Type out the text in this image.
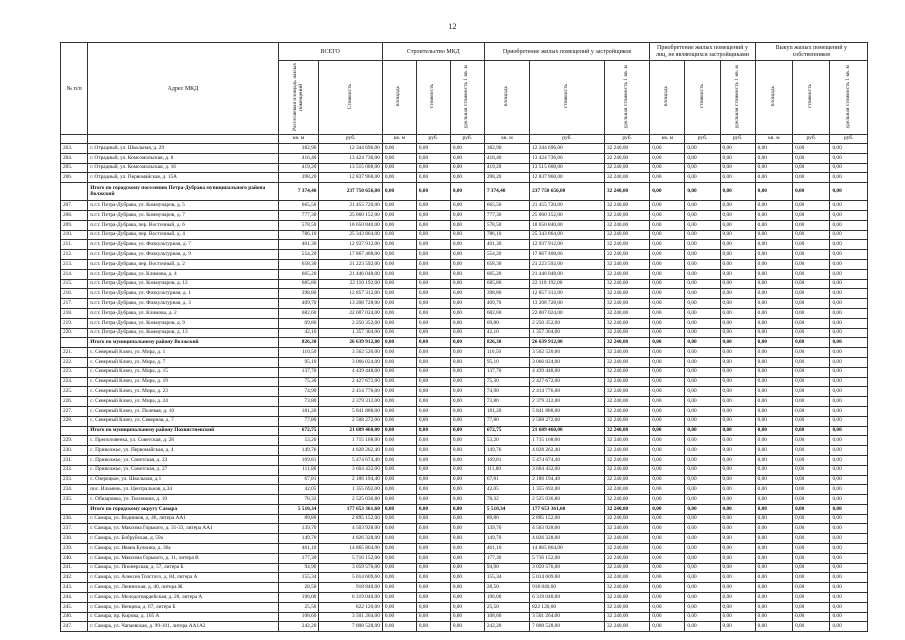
12
№ п/п	Адрес МКД	ВСЕГО		Строительство МКД			Приобретение жилых помещений у застройщиков			Приобретение жилых помещений у лиц, не являющихся застройщиками			Выкуп жилых помещений у собственников		
		Расселяемая площадь жилых помещений	Стоимость	площадь	стоимость	удельная стоимость 1 кв. м	площадь	стоимость	удельная стоимость 1 кв. м	площадь	стоимость	удельная стоимость 1 кв. м	площадь	стоимость	удельная стоимость 1 кв. м
		кв. м	руб.	кв. м	руб.	руб.	кв. м	руб.	руб.	кв. м	руб.	руб.	кв. м	руб.	руб.
203.	г. Отрадный, ул. Школьная, д. 29	382,90	12 344 696,00	0,00	0,00	0,00	382,90	12 344 696,00	32 240,00	0,00	0,00	0,00	0,00	0,00	0,00
204.	г. Отрадный, ул. Комсомольская, д. 8	416,40	13 424 736,00	0,00	0,00	0,00	416,40	13 424 736,00	32 240,00	0,00	0,00	0,00	0,00	0,00	0,00
205.	г. Отрадный, ул. Комсомольская, д. 16	419,20	13 515 008,00	0,00	0,00	0,00	419,20	13 515 008,00	32 240,00	0,00	0,00	0,00	0,00	0,00	0,00
206.	г. Отрадный, ул. Первомайская, д. 15А	398,20	12 837 968,00	0,00	0,00	0,00	398,20	12 837 968,00	32 240,00	0,00	0,00	0,00	0,00	0,00	0,00
	Итого по городскому поселению Петра-Дубрава муниципального района Волжский	7 374,40	237 750 656,00	0,00	0,00	0,00	7 374,40	237 750 656,00	32 240,00	0,00	0,00	0,00	0,00	0,00	0,00
207.	п.г.т. Петра-Дубрава, ул. Коммунаров, д. 5	665,50	21 455 720,00	0,00	0,00	0,00	665,50	21 455 720,00	32 240,00	0,00	0,00	0,00	0,00	0,00	0,00
208.	п.г.т. Петра-Дубрава, ул. Коммунаров, д. 7	777,30	25 060 152,00	0,00	0,00	0,00	777,30	25 060 152,00	32 240,00	0,00	0,00	0,00	0,00	0,00	0,00
209.	п.г.т. Петра-Дубрава, пер. Восточный, д. 6	578,50	18 650 840,00	0,00	0,00	0,00	578,50	18 650 840,00	32 240,00	0,00	0,00	0,00	0,00	0,00	0,00
210.	п.г.т. Петра-Дубрава, пер. Восточный, д. 4	786,10	25 343 864,00	0,00	0,00	0,00	786,10	25 343 864,00	32 240,00	0,00	0,00	0,00	0,00	0,00	0,00
211.	п.г.т. Петра-Дубрава, ул. Физкультурная, д. 7	401,30	12 937 912,00	0,00	0,00	0,00	401,30	12 937 912,00	32 240,00	0,00	0,00	0,00	0,00	0,00	0,00
212.	п.г.т. Петра-Дубрава, ул. Физкультурная, д. 9	554,20	17 867 408,00	0,00	0,00	0,00	554,20	17 867 408,00	32 240,00	0,00	0,00	0,00	0,00	0,00	0,00
213.	п.г.т. Петра-Дубрава, пер. Восточный, д. 2	658,30	21 223 592,00	0,00	0,00	0,00	658,30	21 223 592,00	32 240,00	0,00	0,00	0,00	0,00	0,00	0,00
214.	п.г.т. Петра-Дубрава, ул. Климова, д. 4	665,20	21 446 048,00	0,00	0,00	0,00	665,20	21 446 048,00	32 240,00	0,00	0,00	0,00	0,00	0,00	0,00
215.	п.г.т. Петра-Дубрава, ул. Коммунаров, д. 12	685,80	22 110 192,00	0,00	0,00	0,00	685,80	22 110 192,00	32 240,00	0,00	0,00	0,00	0,00	0,00	0,00
216.	п.г.т. Петра-Дубрава, ул. Физкультурная, д. 1	398,80	12 857 312,00	0,00	0,00	0,00	398,80	12 857 312,00	32 240,00	0,00	0,00	0,00	0,00	0,00	0,00
217.	п.г.т. Петра-Дубрава, ул. Физкультурная, д. 3	409,70	13 208 728,00	0,00	0,00	0,00	409,70	13 208 728,00	32 240,00	0,00	0,00	0,00	0,00	0,00	0,00
218.	п.г.т. Петра-Дубрава, ул. Климова, д. 2	682,60	22 007 024,00	0,00	0,00	0,00	682,60	22 007 024,00	32 240,00	0,00	0,00	0,00	0,00	0,00	0,00
219.	п.г.т. Петра-Дубрава, ул. Коммунаров, д. 9	69,80	2 250 352,00	0,00	0,00	0,00	69,80	2 250 352,00	32 240,00	0,00	0,00	0,00	0,00	0,00	0,00
220.	п.г.т. Петра-Дубрава, ул. Коммунаров, д. 13	42,10	1 357 304,00	0,00	0,00	0,00	42,10	1 357 304,00	32 240,00	0,00	0,00	0,00	0,00	0,00	0,00
	Итого по муниципальному району Волжский	826,30	26 639 912,00	0,00	0,00	0,00	826,30	26 639 912,00	32 240,00	0,00	0,00	0,00	0,00	0,00	0,00
221.	с. Северный Ключ, ул. Мира, д. 1	110,50	3 562 520,00	0,00	0,00	0,00	110,50	3 562 520,00	32 240,00	0,00	0,00	0,00	0,00	0,00	0,00
222.	с. Северный Ключ, ул. Мира, д. 7	95,10	3 066 024,00	0,00	0,00	0,00	95,10	3 066 024,00	32 240,00	0,00	0,00	0,00	0,00	0,00	0,00
223.	с. Северный Ключ, ул. Мира, д. 15	137,70	4 439 448,00	0,00	0,00	0,00	137,70	4 439 448,00	32 240,00	0,00	0,00	0,00	0,00	0,00	0,00
224.	с. Северный Ключ, ул. Мира, д. 19	75,30	2 427 672,00	0,00	0,00	0,00	75,30	2 427 672,00	32 240,00	0,00	0,00	0,00	0,00	0,00	0,00
225.	с. Северный Ключ, ул. Мира, д. 23	74,90	2 414 776,00	0,00	0,00	0,00	74,90	2 414 776,00	32 240,00	0,00	0,00	0,00	0,00	0,00	0,00
226.	с. Северный Ключ, ул. Мира, д. 24	73,80	2 379 312,00	0,00	0,00	0,00	73,80	2 379 312,00	32 240,00	0,00	0,00	0,00	0,00	0,00	0,00
227.	с. Северный Ключ, ул. Полевая, д. 10	181,20	5 841 888,00	0,00	0,00	0,00	181,20	5 841 888,00	32 240,00	0,00	0,00	0,00	0,00	0,00	0,00
228.	с. Северный Ключ, ул. Северная, д. 7	77,80	2 508 272,00	0,00	0,00	0,00	77,80	2 508 272,00	32 240,00	0,00	0,00	0,00	0,00	0,00	0,00
	Итого по муниципальному району Похвистневский	672,75	21 689 460,00	0,00	0,00	0,00	672,75	21 689 460,00	32 240,00	0,00	0,00	0,00	0,00	0,00	0,00
229.	с. Преполовенка, ул. Советская, д. 28	53,20	1 715 168,00	0,00	0,00	0,00	53,20	1 715 168,00	32 240,00	0,00	0,00	0,00	0,00	0,00	0,00
230.	с. Приволжье, ул. Первомайская, д. 4	149,76	4 828 262,40	0,00	0,00	0,00	149,76	4 828 262,40	32 240,00	0,00	0,00	0,00	0,00	0,00	0,00
231.	с. Приволжье, ул. Советская, д. 23	169,81	5 474 674,40	0,00	0,00	0,00	169,81	5 474 674,40	32 240,00	0,00	0,00	0,00	0,00	0,00	0,00
232.	с. Приволжье, ул. Советская, д. 27	111,80	3 604 432,00	0,00	0,00	0,00	111,80	3 604 432,00	32 240,00	0,00	0,00	0,00	0,00	0,00	0,00
233.	с. Озерецкое, ул. Школьная, д.1	67,81	2 186 194,40	0,00	0,00	0,00	67,81	2 186 194,40	32 240,00	0,00	0,00	0,00	0,00	0,00	0,00
234.	пос. Ильмень, ул. Центральная, д.34	42,05	1 355 692,00	0,00	0,00	0,00	42,05	1 355 692,00	32 240,00	0,00	0,00	0,00	0,00	0,00	0,00
235.	с. Обшаровка, ул. Тюленина, д. 10	78,32	2 525 036,80	0,00	0,00	0,00	78,32	2 525 036,80	32 240,00	0,00	0,00	0,00	0,00	0,00	0,00
	Итого по городскому округу Самара	5 510,34	177 653 361,60	0,00	0,00	0,00	5 510,34	177 653 361,60	32 240,00	0,00	0,00	0,00	0,00	0,00	0,00
236.	г. Самара, ул. Водников, д. 46, литера АА1	89,80	2 895 152,00	0,00	0,00	0,00	89,80	2 895 152,00	32 240,00	0,00	0,00	0,00	0,00	0,00	0,00
237.	г. Самара, ул. Максима Горького, д. 31-33, литера АА1	139,70	4 503 928,00	0,00	0,00	0,00	139,70	4 503 928,00	32 240,00	0,00	0,00	0,00	0,00	0,00	0,00
238.	г. Самара, ул. Бобруйская, д. 59а	149,70	4 826 328,00	0,00	0,00	0,00	149,70	4 826 328,00	32 240,00	0,00	0,00	0,00	0,00	0,00	0,00
239.	г. Самара, ул. Ивана Булкина, д. 36а	461,10	14 865 864,00	0,00	0,00	0,00	461,10	14 865 864,00	32 240,00	0,00	0,00	0,00	0,00	0,00	0,00
240.	г. Самара, ул. Максима Горького, д. 11, литера В	177,30	5 716 152,00	0,00	0,00	0,00	177,30	5 716 152,00	32 240,00	0,00	0,00	0,00	0,00	0,00	0,00
241.	г. Самара, ул. Пионерская, д. 57, литера Б	94,90	3 059 576,00	0,00	0,00	0,00	94,90	3 059 576,00	32 240,00	0,00	0,00	0,00	0,00	0,00	0,00
242.	г. Самара, ул. Алексея Толстого, д. 84, литера А	155,34	5 014 609,60	0,00	0,00	0,00	155,34	5 014 609,60	32 240,00	0,00	0,00	0,00	0,00	0,00	0,00
243.	г. Самара, ул. Ленинская, д. 40, литера Ж	28,50	918 840,00	0,00	0,00	0,00	28,50	918 840,00	32 240,00	0,00	0,00	0,00	0,00	0,00	0,00
244.	г. Самара, ул. Молодогвардейская, д. 28, литера А	196,00	6 319 040,00	0,00	0,00	0,00	196,00	6 319 040,00	32 240,00	0,00	0,00	0,00	0,00	0,00	0,00
245.	г. Самара, ул. Венцека, д. 67, литера Б	25,50	822 120,00	0,00	0,00	0,00	25,50	822 120,00	32 240,00	0,00	0,00	0,00	0,00	0,00	0,00
246.	г. Самара, пр. Кирова, д. 165 А	108,60	3 501 264,00	0,00	0,00	0,00	108,60	3 501 264,00	32 240,00	0,00	0,00	0,00	0,00	0,00	0,00
247.	г. Самара, ул. Чапаевская, д. 99-101, литера АА1А2	242,20	7 808 528,00	0,00	0,00	0,00	242,20	7 808 528,00	32 240,00	0,00	0,00	0,00	0,00	0,00	0,00
